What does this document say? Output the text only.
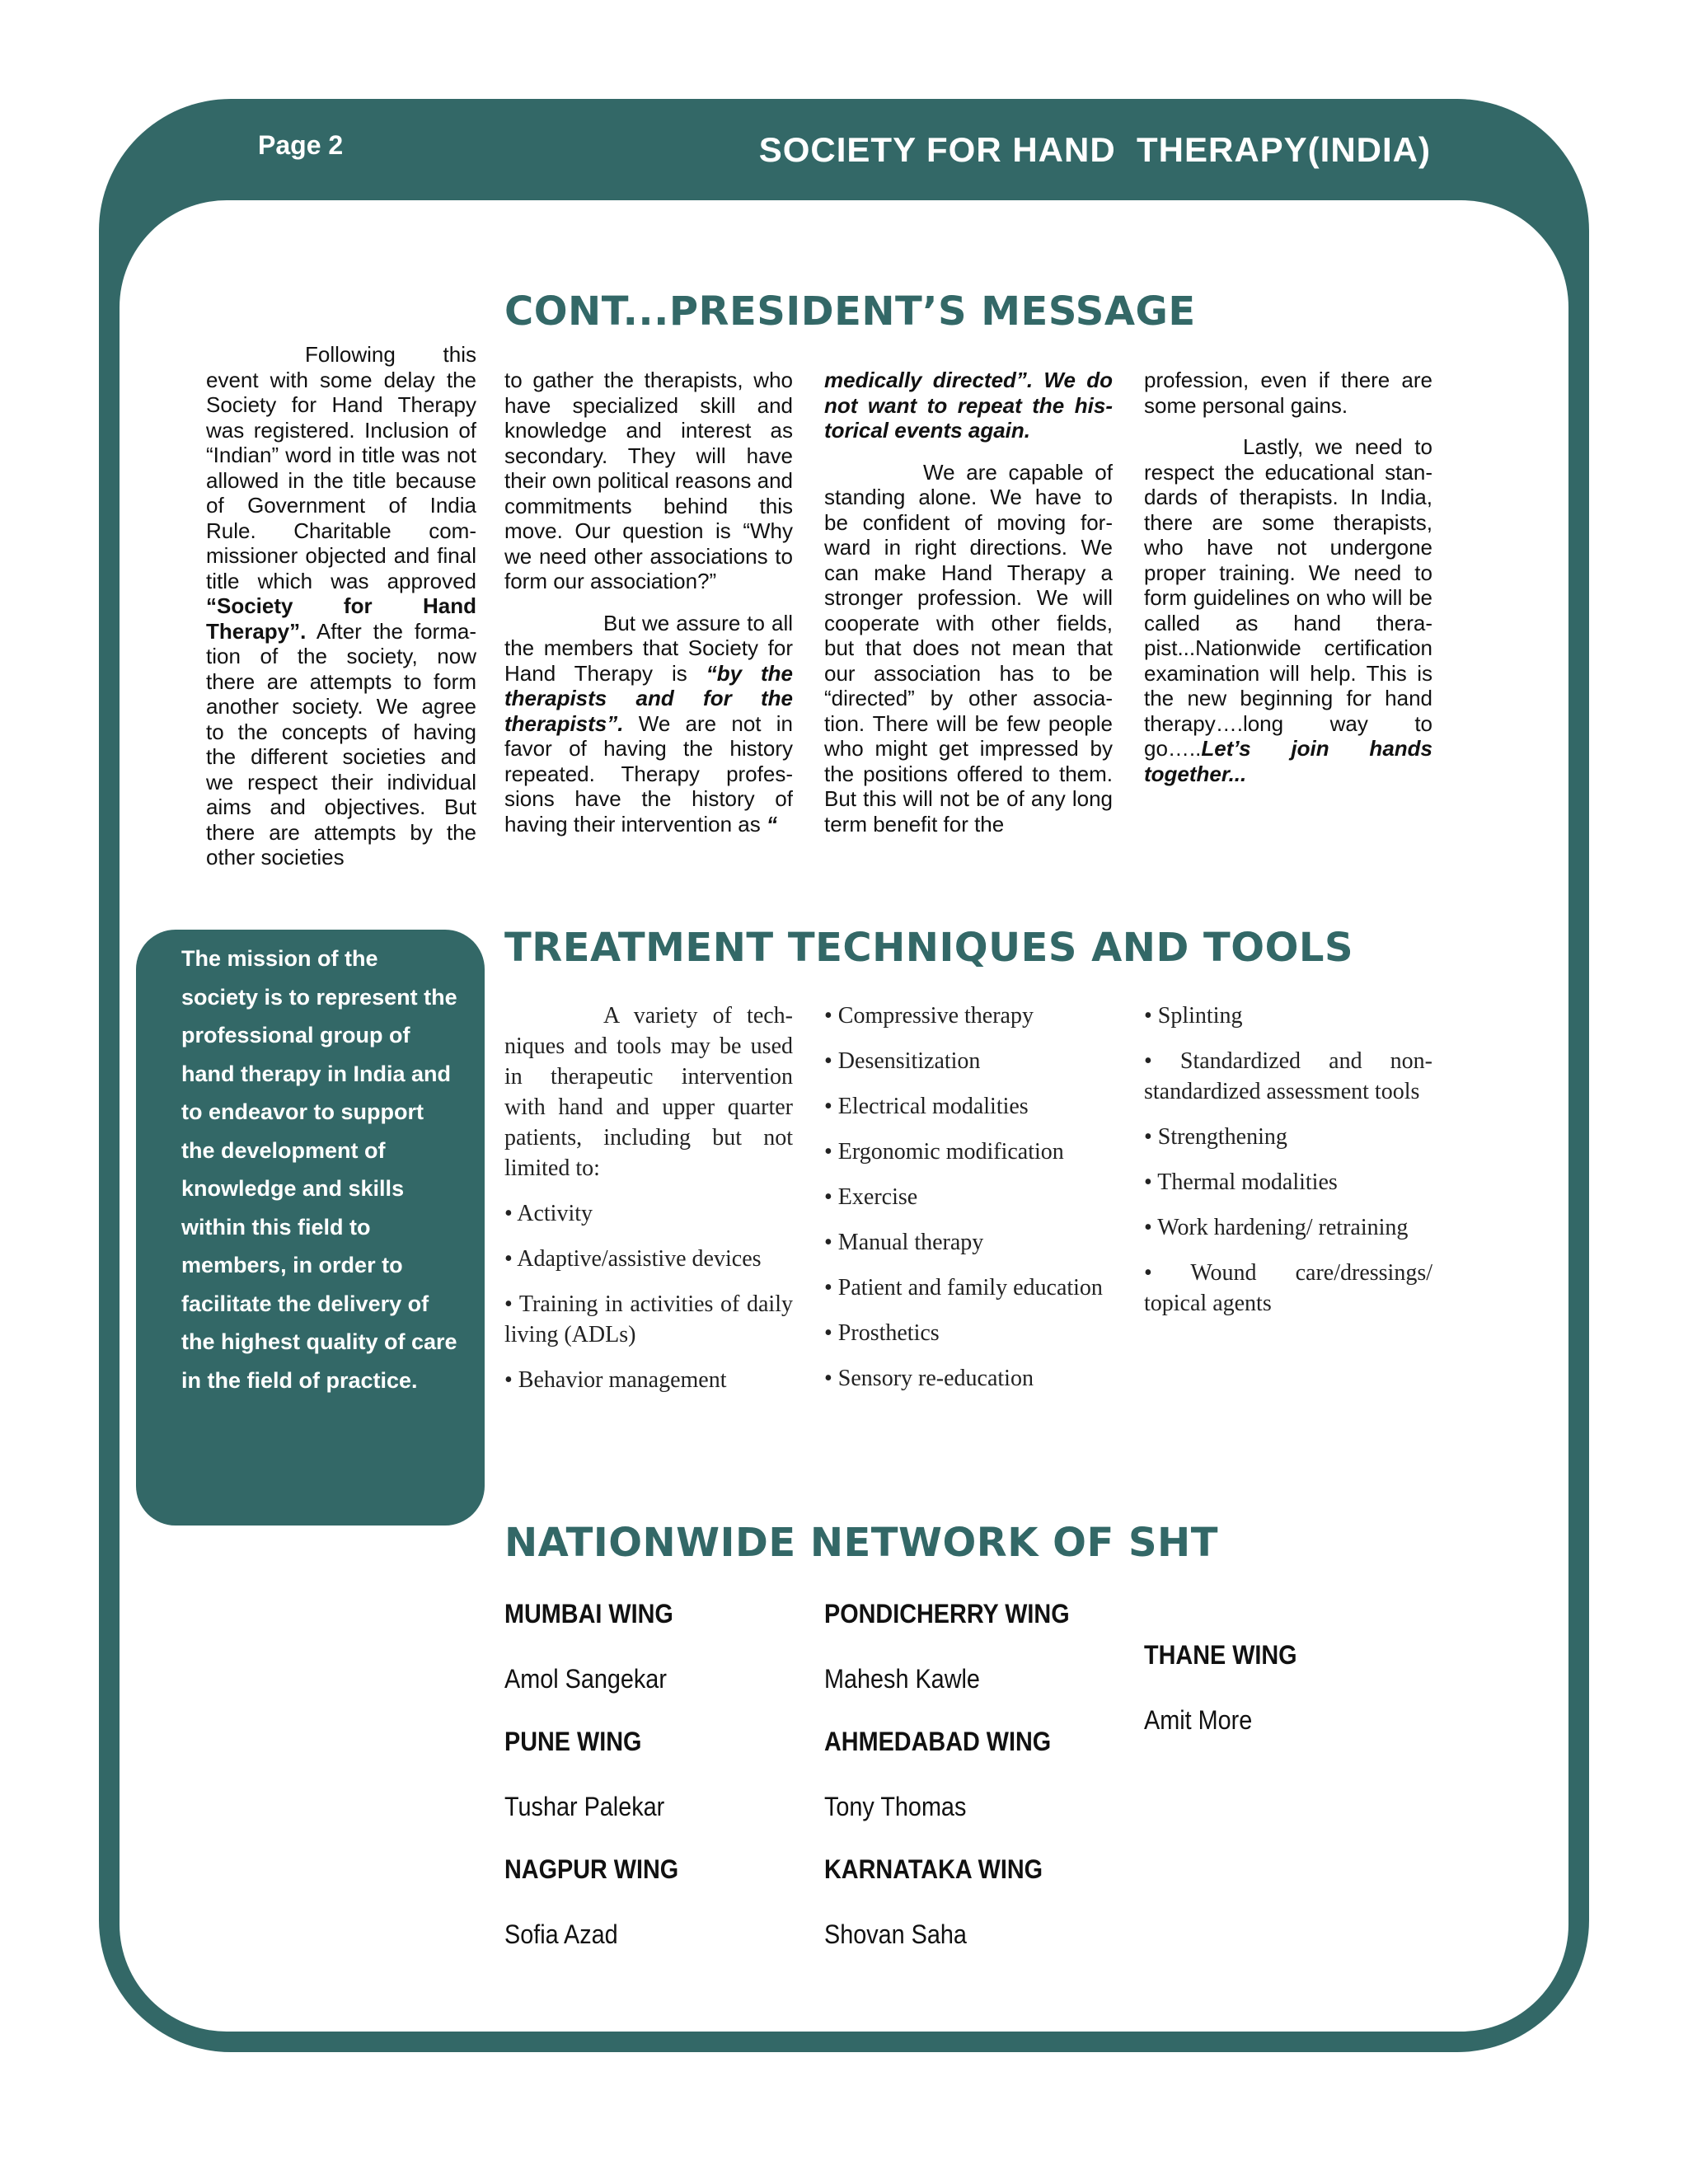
Page 2	SOCIETY FOR HAND  THERAPY(INDIA)
CONT...PRESIDENT’S MESSAGE

Following this event with some delay the Society for Hand Therapy was registered. Inclusion of “Indian” word in title was not allowed in the title because of Government of India Rule. Charitable commissioner objected and final title which was approved “Society for Hand Therapy”. After the formation of the society, now there are attempts to form another society. We agree to the concepts of having the different societies and we respect their individual aims and objectives. But there are attempts by the other societies

to gather the therapists, who have specialized skill and knowledge and interest as secondary. They will have their own political reasons and commitments behind this move. Our question is “Why we need other associations to form our association?”

But we assure to all the members that Society for Hand Therapy is “by the therapists and for the therapists”. We are not in favor of having the history repeated. Therapy professions have the history of having their intervention as “

medically directed”. We do not want to repeat the historical events again.

We are capable of standing alone. We have to be confident of moving forward in right directions. We can make Hand Therapy a stronger profession. We will cooperate with other fields, but that does not mean that our association has to be “directed” by other association. There will be few people who might get impressed by the positions offered to them. But this will not be of any long term benefit for the

profession, even if there are some personal gains.

Lastly, we need to respect the educational standards of therapists. In India, there are some therapists, who have not undergone proper training. We need to form guidelines on who will be called as hand therapist...Nationwide certification examination will help. This is the new beginning for hand therapy….long way to go…..Let’s join hands together...

The mission of the society is to represent the professional group of hand therapy in India and to endeavor to support the development of knowledge and skills within this field to members, in order to facilitate the delivery of the highest quality of care in the field of practice.
TREATMENT TECHNIQUES AND TOOLS

A variety of techniques and tools may be used in therapeutic intervention with hand and upper quarter patients, including but not limited to:

• Activity

• Adaptive/assistive devices

• Training in activities of daily living (ADLs)

• Behavior management

• Compressive therapy

• Desensitization

• Electrical modalities

• Ergonomic modification

• Exercise

• Manual therapy

• Patient and family education

• Prosthetics

• Sensory re-education

• Splinting

• Standardized and non-standardized assessment tools

• Strengthening

• Thermal modalities

• Work hardening/ retraining

• Wound care/dressings/ topical agents

NATIONWIDE NETWORK OF SHT
MUMBAI WING
Amol Sangekar
PUNE WING
Tushar Palekar
NAGPUR WING
Sofia Azad
PONDICHERRY WING
Mahesh Kawle
AHMEDABAD WING
Tony Thomas
KARNATAKA WING
Shovan Saha
THANE WING
Amit More
